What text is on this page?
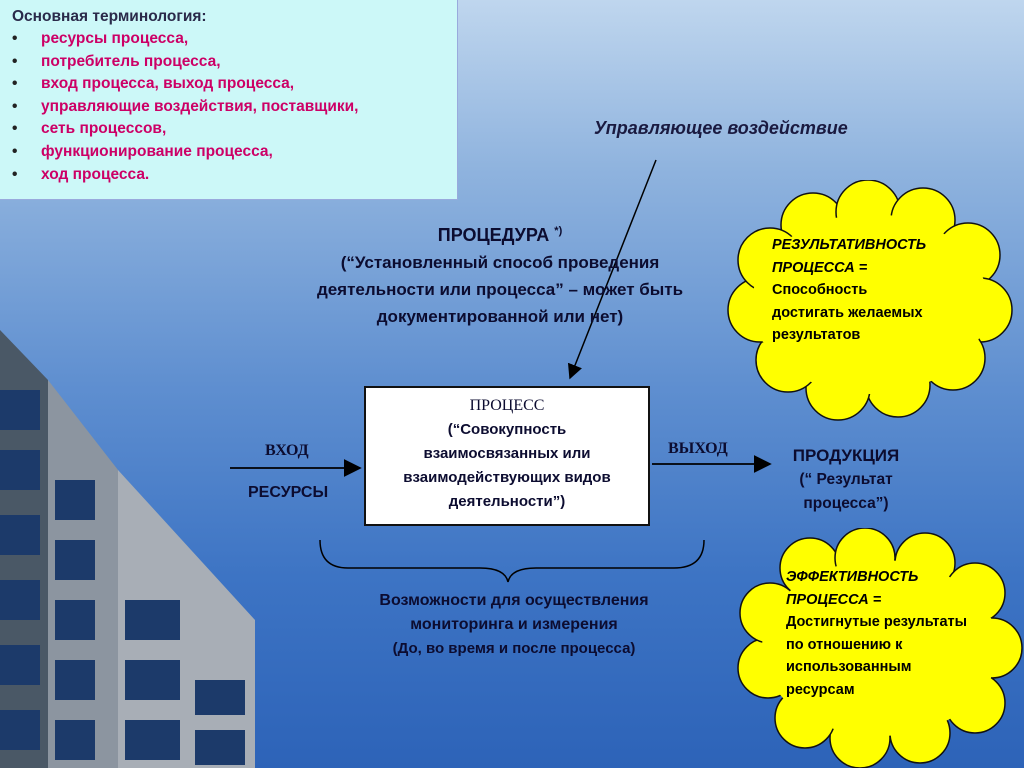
Основная терминология:
• ресурсы процесса,
• потребитель процесса,
• вход процесса, выход процесса,
• управляющие воздействия, поставщики,
• сеть процессов,
• функционирование процесса,
• ход процесса.
Управляющее воздействие
ПРОЦЕДУРА *)
(“Установленный способ проведения
деятельности или процесса” – может быть
документированной или нет)
ПРОЦЕСС
(“Совокупность
взаимосвязанных или
взаимодействующих видов
деятельности”)
ВХОД
РЕСУРСЫ
ВЫХОД	ПРОДУКЦИЯ
(“ Результат
процесса”)
Возможности для осуществления
мониторинга и измерения
(До, во время и после процесса)
РЕЗУЛЬТАТИВНОСТЬ
ПРОЦЕССА =
Способность
достигать желаемых
результатов
ЭФФЕКТИВНОСТЬ
ПРОЦЕССА =
Достигнутые результаты
по отношению к
использованным
ресурсам
